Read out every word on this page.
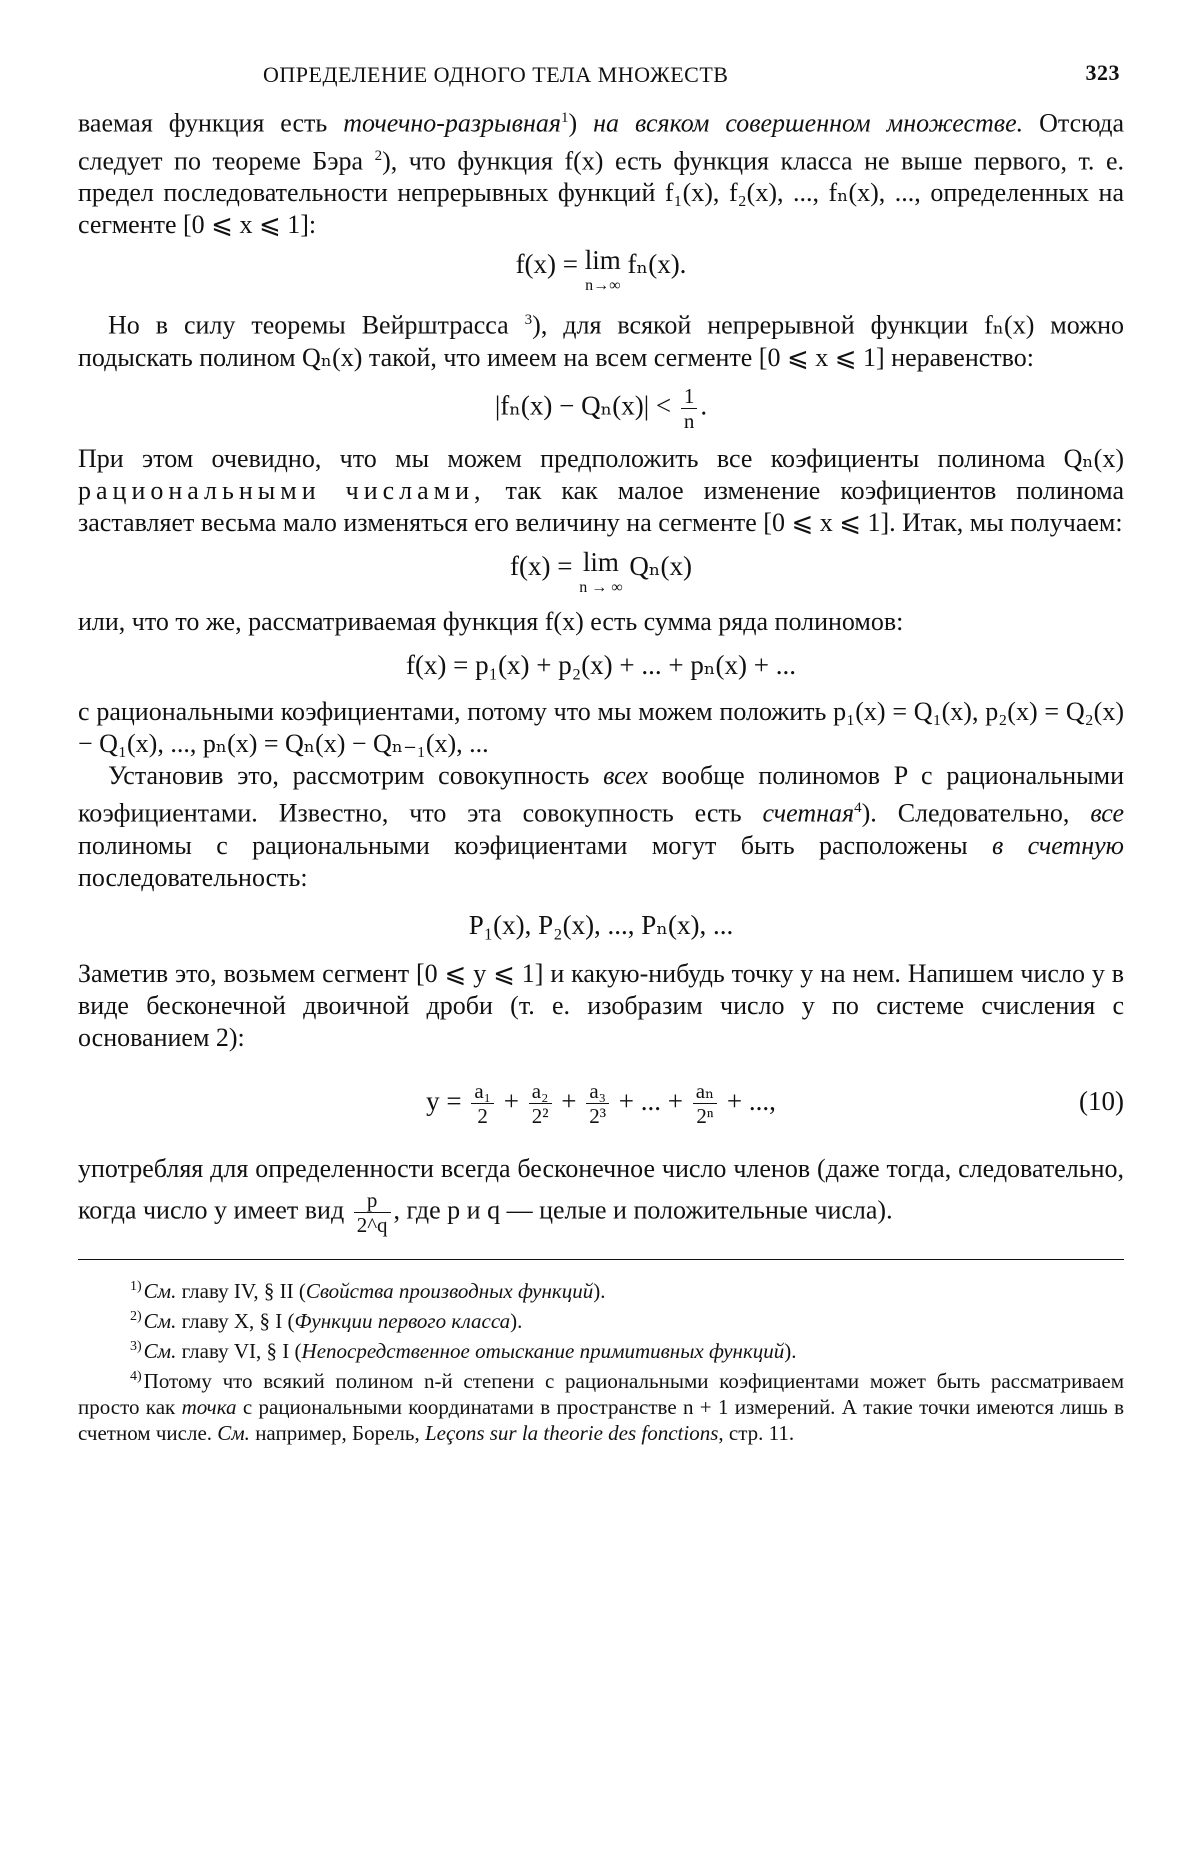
ОПРЕДЕЛЕНИЕ ОДНОГО ТЕЛА МНОЖЕСТВ	323

ваемая функция есть точечно-разрывная$^1$) на всяком совершенном множестве. Отсюда следует по теореме Бэра $^2$), что функция f(x) есть функция класса не выше первого, т. е. предел последовательности непрерывных функций f₁(x), f₂(x), ..., fₙ(x), ..., определенных на сегменте [0 ⩽ x ⩽ 1]:

f(x) = lim
n→∞
fₙ(x).

Но в силу теоремы Вейрштрасса $^3$), для всякой непрерывной функции fₙ(x) можно подыскать полином Qₙ(x) такой, что имеем на всем сегменте [0 ⩽ x ⩽ 1] неравенство:

$|f_n(x) - Q_n(x)| < \frac{1}{n}$ .

При этом очевидно, что мы можем предположить все коэфициенты полинома Qₙ(x) рациональными числами, так как малое изменение коэфициентов полинома заставляет весьма мало изменяться его величину на сегменте [0 ⩽ x ⩽ 1]. Итак, мы получаем:

f(x) = lim
n → ∞
Qₙ(x)

или, что то же, рассматриваемая функция f(x) есть сумма ряда полиномов:

f(x) = p₁(x) + p₂(x) + ... + pₙ(x) + ...

с рациональными коэфициентами, потому что мы можем положить p₁(x) = Q₁(x), p₂(x) = Q₂(x) − Q₁(x), ..., pₙ(x) = Qₙ(x) − Qₙ₋₁(x), ...

Установив это, рассмотрим совокупность всех вообще полиномов P с рациональными коэфициентами. Известно, что эта совокупность есть счетная$^4$). Следовательно, все полиномы с рациональными коэфициентами могут быть расположены в счетную последовательность:

P₁(x), P₂(x), ..., Pₙ(x), ...

Заметив это, возьмем сегмент [0 ⩽ y ⩽ 1] и какую-нибудь точку y на нем. Напишем число y в виде бесконечной двоичной дроби (т. е. изобразим число y по системе счисления с основанием 2):

$y = \frac{\text{a₁}}{2} + \frac{\text{a₂}}{\text{2²}} + \frac{\text{a₃}}{\text{2³}}$ + ... + $\frac{\text{aₙ}}{\text{2ⁿ}}$ + ...,	(10)

употребляя для определенности всегда бесконечное число членов (даже тогда, следовательно, когда число y имеет вид $\frac{p}{2\^{}q}$ , где p и q — целые и положительные числа).

$^{1)}$См. главу IV, § II (Свойства производных функций).

$^{2)}$См. главу X, § I (Функции первого класса).

$^{3)}$См. главу VI, § I (Непосредственное отыскание примитивных функций).

$^{4)}$Потому что всякий полином n-й степени с рациональными коэфициентами может быть рассматриваем просто как точка с рациональными координатами в пространстве n + 1 измерений. А такие точки имеются лишь в счетном числе. См. например, Борель, Leçons sur la theorie des fonctions, стр. 11.
